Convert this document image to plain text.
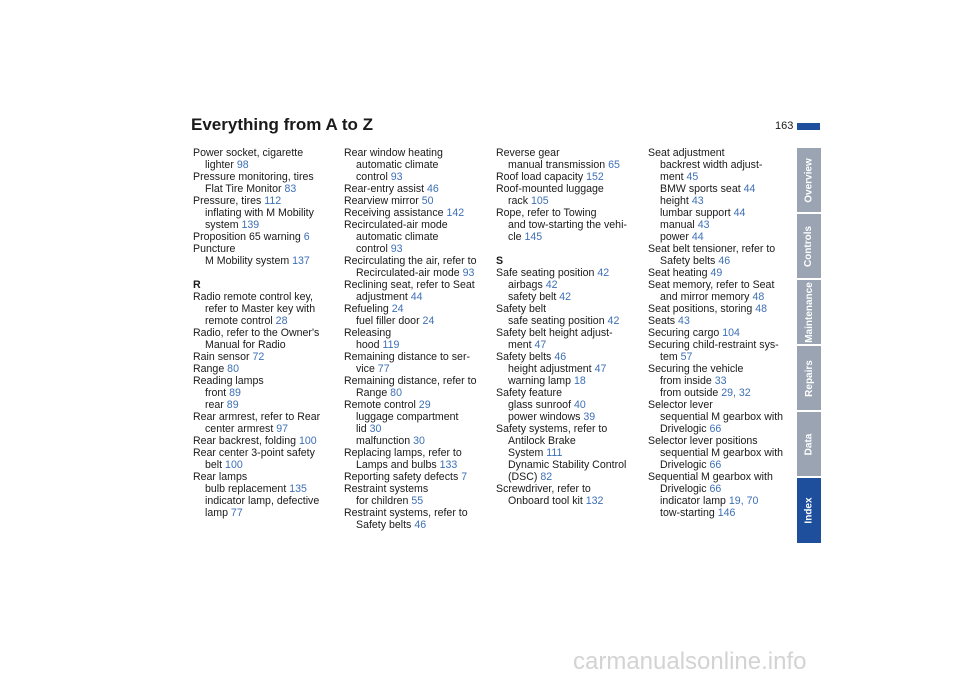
Everything from A to Z	163
Power socket, cigarette
lighter 98
Pressure monitoring, tires
Flat Tire Monitor 83
Pressure, tires 112
inflating with M Mobility
system 139
Proposition 65 warning 6
Puncture
M Mobility system 137
R
Radio remote control key,
refer to Master key with
remote control 28
Radio, refer to the Owner's
Manual for Radio
Rain sensor 72
Range 80
Reading lamps
front 89
rear 89
Rear armrest, refer to Rear
center armrest 97
Rear backrest, folding 100
Rear center 3-point safety
belt 100
Rear lamps
bulb replacement 135
indicator lamp, defective
lamp 77
Rear window heating
automatic climate
control 93
Rear-entry assist 46
Rearview mirror 50
Receiving assistance 142
Recirculated-air mode
automatic climate
control 93
Recirculating the air, refer to
Recirculated-air mode 93
Reclining seat, refer to Seat
adjustment 44
Refueling 24
fuel filler door 24
Releasing
hood 119
Remaining distance to ser-
vice 77
Remaining distance, refer to
Range 80
Remote control 29
luggage compartment
lid 30
malfunction 30
Replacing lamps, refer to
Lamps and bulbs 133
Reporting safety defects 7
Restraint systems
for children 55
Restraint systems, refer to
Safety belts 46
Reverse gear
manual transmission 65
Roof load capacity 152
Roof-mounted luggage
rack 105
Rope, refer to Towing
and tow-starting the vehi-
cle 145
S
Safe seating position 42
airbags 42
safety belt 42
Safety belt
safe seating position 42
Safety belt height adjust-
ment 47
Safety belts 46
height adjustment 47
warning lamp 18
Safety feature
glass sunroof 40
power windows 39
Safety systems, refer to
Antilock Brake
System 111
Dynamic Stability Control
(DSC) 82
Screwdriver, refer to
Onboard tool kit 132
Seat adjustment
backrest width adjust-
ment 45
BMW sports seat 44
height 43
lumbar support 44
manual 43
power 44
Seat belt tensioner, refer to
Safety belts 46
Seat heating 49
Seat memory, refer to Seat
and mirror memory 48
Seat positions, storing 48
Seats 43
Securing cargo 104
Securing child-restraint sys-
tem 57
Securing the vehicle
from inside 33
from outside 29, 32
Selector lever
sequential M gearbox with
Drivelogic 66
Selector lever positions
sequential M gearbox with
Drivelogic 66
Sequential M gearbox with
Drivelogic 66
indicator lamp 19, 70
tow-starting 146
Overview
Controls
Maintenance
Repairs
Data
Index
carmanualsonline.info
